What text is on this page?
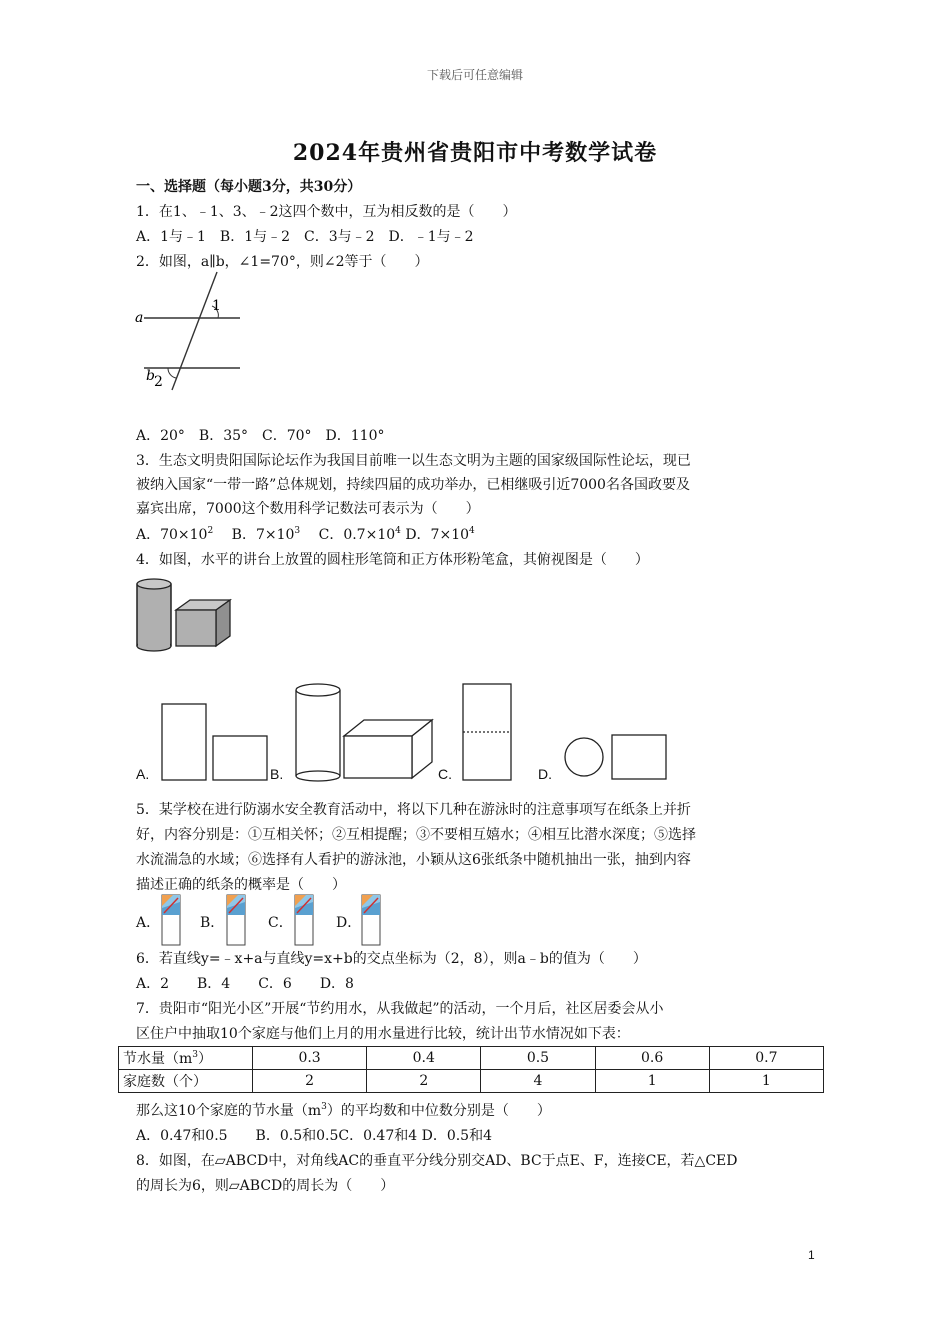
下载后可任意编辑
2024年贵州省贵阳市中考数学试卷
一、选择题（每小题3分，共30分）
1．在1、﹣1、3、﹣2这四个数中，互为相反数的是（　　）
A．1与﹣1　B．1与﹣2　C．3与﹣2　D．﹣1与﹣2
2．如图，a∥b，∠1=70°，则∠2等于（　　）
a
b
1
2
A．20°　B．35°　C．70°　D．110°
3．生态文明贵阳国际论坛作为我国目前唯一以生态文明为主题的国家级国际性论坛，现已
被纳入国家“一带一路”总体规划，持续四届的成功举办，已相继吸引近7000名各国政要及
嘉宾出席，7000这个数用科学记数法可表示为（　　）
A．$70\times 10^2$　 B．$7\times 10^3$　 C．$0.7\times 10^4$ D．$7\times 10^4$
4．如图，水平的讲台上放置的圆柱形笔筒和正方体形粉笔盒，其俯视图是（　　）
A.	B.	C.	D.
5．某学校在进行防溺水安全教育活动中，将以下几种在游泳时的注意事项写在纸条上并折
好，内容分别是：①互相关怀；②互相提醒；③不要相互嬉水；④相互比潜水深度；⑤选择
水流湍急的水域；⑥选择有人看护的游泳池，小颖从这6张纸条中随机抽出一张，抽到内容
描述正确的纸条的概率是（　　）
A．	B．	C．	D．
6．若直线y=﹣x+a与直线y=x+b的交点坐标为（2，8），则a﹣b的值为（　　）
A．2　　B．4　　C．6　　D．8
7．贵阳市“阳光小区”开展“节约用水，从我做起”的活动，一个月后，社区居委会从小
区住户中抽取10个家庭与他们上月的用水量进行比较，统计出节水情况如下表：
节水量$(m^3)$	0.3	0.4	0.5	0.6	0.7
家庭数（个）	2	2	4	1	1
那么这10个家庭的节水量$(m^3)$的平均数和中位数分别是（　　）
A．0.47和0.5　　B．0.5和0.5C．0.47和4 D．0.5和4
8．如图，在▱ABCD中，对角线AC的垂直平分线分别交AD、BC于点E、F，连接CE，若△CED
的周长为6，则▱ABCD的周长为（　　）
1
